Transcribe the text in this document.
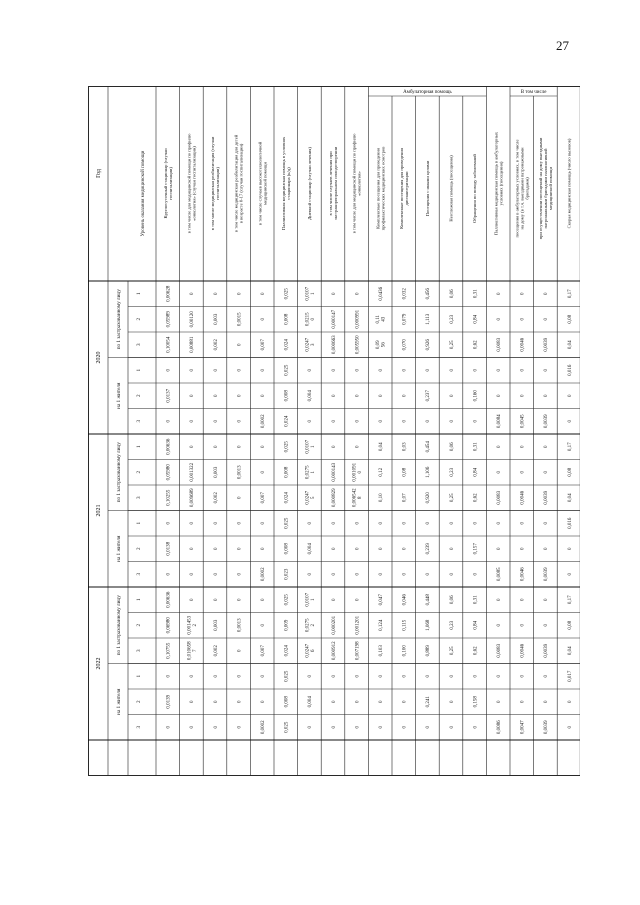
27
Год	Уровень оказания медицинской помощи
Амбулаторная помощь	В том числе
Круглосуточный стационар (случаигоспитализации)	в том числе для медицинской помощи по профилю«онкология» (случаи госпитализации)	в том числе медицинская реабилитация (случаигоспитализации)	в том числе медицинская реабилитация для детейв возрасте 0-17 (случаи госпитализации)	в том числе случаев высокотехнологичноймедицинской помощи	Паллиативная медицинская помощь в условияхстационара (к/д)	Дневной стационар (случаи лечения)	в том числе случаев лечения приэкстракорпоральном оплодотворении	в том числе для медицинской помощи по профилю«онкология»	Комплексные посещения для проведенияпрофилактических медицинских осмотров	Комплексные посещения для проведениядиспансеризации	Посещения с иными целями	Неотложная помощь (посещения)	Обращения по поводу заболеваний	Паллиативная медицинская помощь в амбулаторныхусловиях (посещения) посещения в амбулаторных условиях, в том числена дому (в т.ч. выездными патронажнымибригадами) при осуществлении посещений на дому выезднымипатронажными бригадами паллиативноймедицинской помощи	Скорая медицинская помощь (число вызовов)
1	0,00628	0	0	0	0	0,025	0,01071	0	0	0,0436	0,032	0,456	0,06	0,31	0	0	0	0,17
2	0,05989	0,00120	0,003	0,0015	0	0,008	0,02150	0,000147	0,000991	0,1143	0,079	1,113	0,23	0,84	0	0	0	0,08
3	0,10054	0,00881	0,002	0	0,007	0,024	0,02473	0,000663	0,005950	0,0956	0,070	0,926	0,25	0,62	0,0083	0,0046	0,0039	0,04
по 1 застрахованному лицу
1	0	0	0	0	0	0,025	0	0	0	0	0	0	0	0	0	0	0	0,016
2	0,0137	0	0	0	0	0,008	0,004	0	0	0	0	0,237	0	0,160	0	0	0	0
3	0	0	0	0	0,0002	0,024	0	0	0	0	0	0	0	0	0,0084	0,0045	0,0039	0
на 1 жителя
2020
1	0,00636	0	0	0	0	0,025	0,01071	0	0	0,04	0,03	0,454	0,06	0,31	0	0	0	0,17
2	0,05980	0,001322	0,003	0,0013	0	0,008	0,02751	0,000143	0,0010910	0,12	0,08	1,106	0,23	0,84	0	0	0	0,08
3	0,10255	0,009689	0,002	0	0,007	0,024	0,02475	0,000829	0,0065428	0,10	0,07	0,920	0,25	0,62	0,0083	0,0046	0,0039	0,04
по 1 застрахованному лицу
1	0	0	0	0	0	0,025	0	0	0	0	0	0	0	0	0	0	0	0,016
2	0,0138	0	0	0	0	0,008	0,004	0	0	0	0	0,239	0	0,157	0	0	0	0
3	0	0	0	0	0,0002	0,023	0	0	0	0	0	0	0	0	0,0085	0,0046	0,0039	0
на 1 жителя
2021
1	0,00636	0	0	0	0	0,025	0,01071	0	0	0,047	0,046	0,448	0,06	0,31	0	0	0	0,17
2	0,06980	0,0014532	0,003	0,0013	0	0,009	0,02752	0,000201	0,001201	0,124	0,115	1,068	0,23	0,84	0	0	0	0,08
3	0,10755	0,0106587	0,002	0	0,007	0,024	0,02476	0,000912	0,007198	0,103	0,100	0,889	0,25	0,62	0,0083	0,0046	0,0039	0,04
по 1 застрахованному лицу
1	0	0	0	0	0	0,025	0	0	0	0	0	0	0	0	0	0	0	0,017
2	0,0139	0	0	0	0	0,008	0,004	0	0	0	0	0,241	0	0,158	0	0	0	0
3	0	0	0	0	0,0002	0,025	0	0	0	0	0	0	0	0	0,0086	0,0047	0,0039	0
на 1 жителя
2022
